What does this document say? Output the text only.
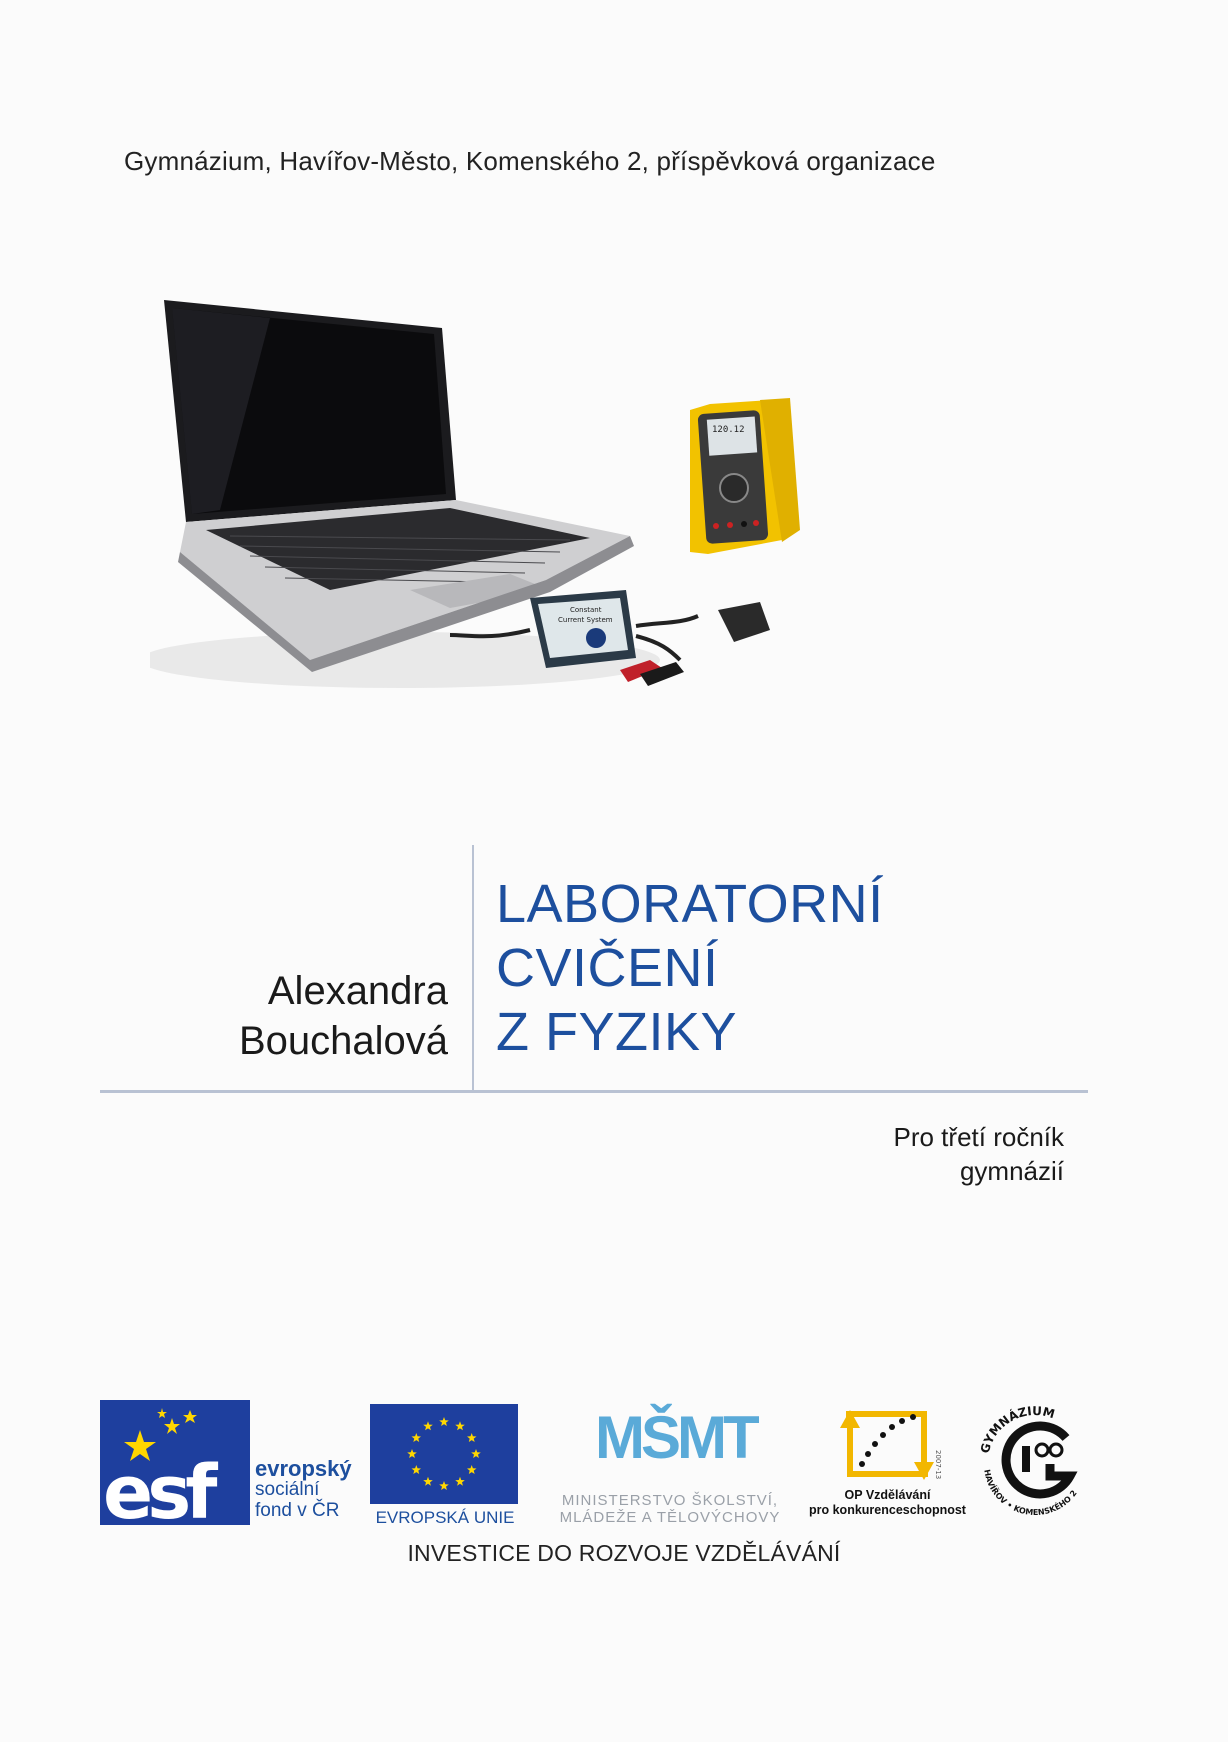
Gymnázium, Havířov-Město, Komenského 2, příspěvková organizace
120.12
Constant
Current System
Alexandra
Bouchalová
LABORATORNÍ
CVIČENÍ
Z FYZIKY
Pro třetí ročník
gymnázií
esf	evropský
sociální
fond v ČR	EVROPSKÁ UNIE
MŠMT
MINISTERSTVO ŠKOLSTVÍ,
MLÁDEŽE A TĚLOVÝCHOVY
2007-13
OP Vzdělávání
pro konkurenceschopnost
GYMNÁZIUM
HAVÍŘOV • KOMENSKÉHO 2
INVESTICE DO ROZVOJE VZDĚLÁVÁNÍ
